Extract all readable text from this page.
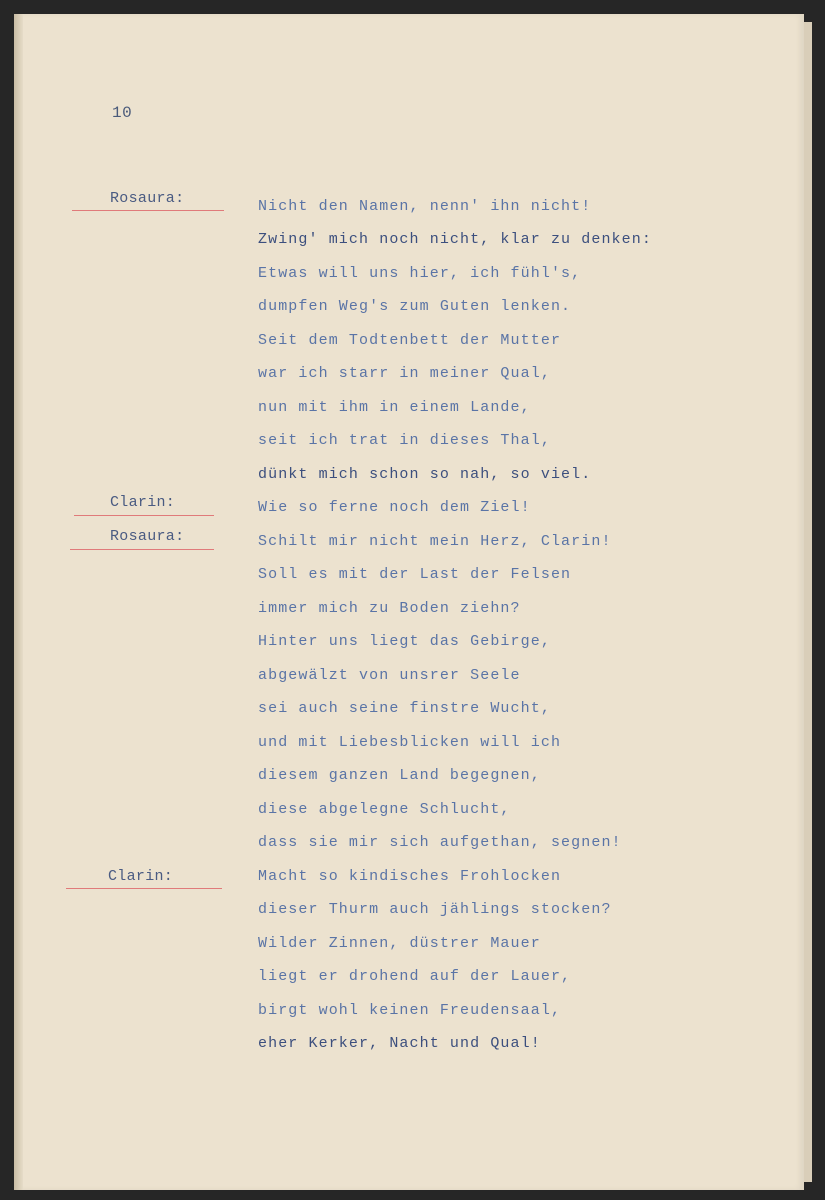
10
Rosaura:
Clarin:
Rosaura:
Clarin:
Nicht den Namen, nenn' ihn nicht!
Zwing' mich noch nicht, klar zu denken:
Etwas will uns hier, ich fühl's,
dumpfen Weg's zum Guten lenken.
Seit dem Todtenbett der Mutter
war ich starr in meiner Qual,
nun mit ihm in einem Lande,
seit ich trat in dieses Thal,
dünkt mich schon so nah, so viel.
Wie so ferne noch dem Ziel!
Schilt mir nicht mein Herz, Clarin!
Soll es mit der Last der Felsen
immer mich zu Boden ziehn?
Hinter uns liegt das Gebirge,
abgewälzt von unsrer Seele
sei auch seine finstre Wucht,
und mit Liebesblicken will ich
diesem ganzen Land begegnen,
diese abgelegne Schlucht,
dass sie mir sich aufgethan, segnen!
Macht so kindisches Frohlocken
dieser Thurm auch jählings stocken?
Wilder Zinnen, düstrer Mauer
liegt er drohend auf der Lauer,
birgt wohl keinen Freudensaal,
eher Kerker, Nacht und Qual!
